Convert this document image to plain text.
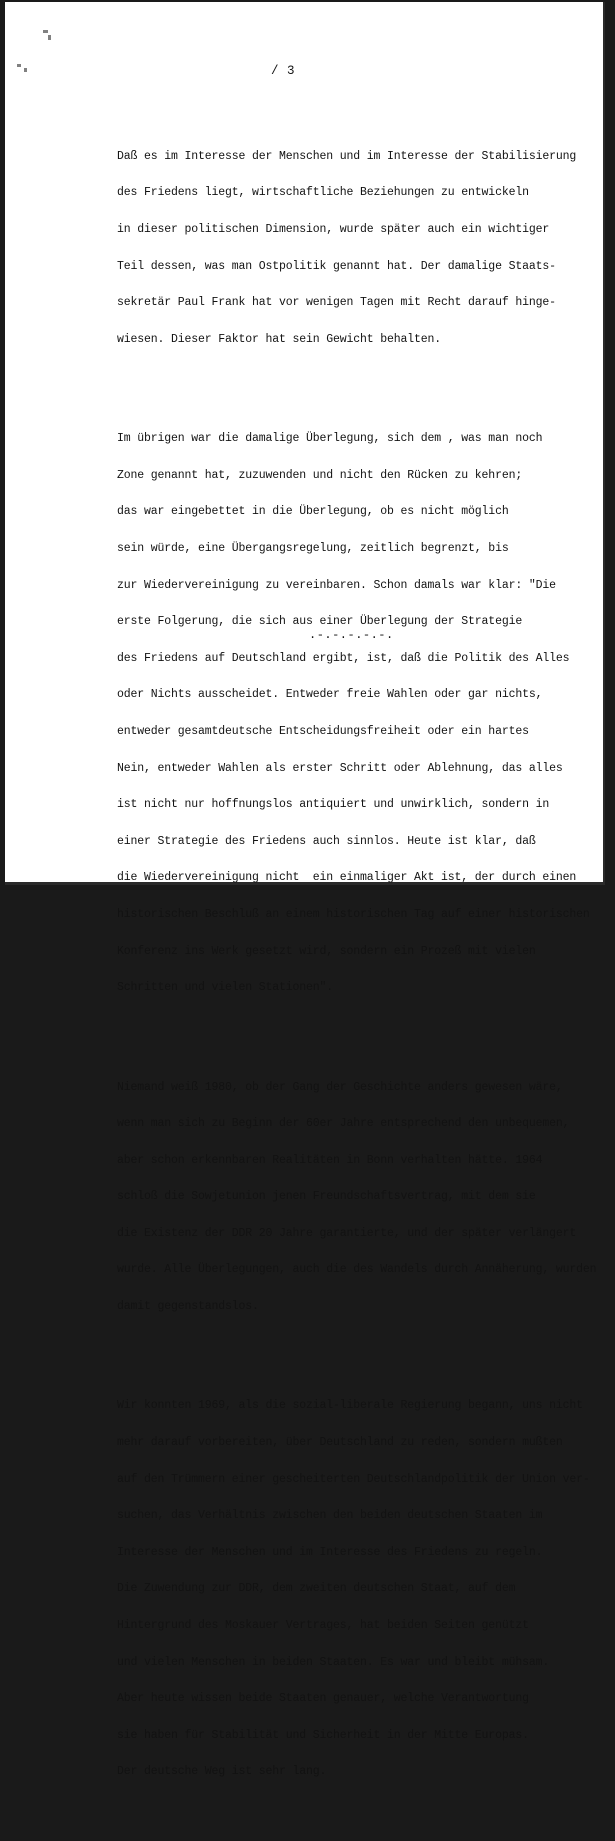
/ 3

Daß es im Interesse der Menschen und im Interesse der Stabilisierung

des Friedens liegt, wirtschaftliche Beziehungen zu entwickeln

in dieser politischen Dimension, wurde später auch ein wichtiger

Teil dessen, was man Ostpolitik genannt hat. Der damalige Staats-

sekretär Paul Frank hat vor wenigen Tagen mit Recht darauf hinge-

wiesen. Dieser Faktor hat sein Gewicht behalten.

Im übrigen war die damalige Überlegung, sich dem , was man noch

Zone genannt hat, zuzuwenden und nicht den Rücken zu kehren;

das war eingebettet in die Überlegung, ob es nicht möglich

sein würde, eine Übergangsregelung, zeitlich begrenzt, bis

zur Wiedervereinigung zu vereinbaren. Schon damals war klar: "Die

erste Folgerung, die sich aus einer Überlegung der Strategie

des Friedens auf Deutschland ergibt, ist, daß die Politik des Alles

oder Nichts ausscheidet. Entweder freie Wahlen oder gar nichts,

entweder gesamtdeutsche Entscheidungsfreiheit oder ein hartes

Nein, entweder Wahlen als erster Schritt oder Ablehnung, das alles

ist nicht nur hoffnungslos antiquiert und unwirklich, sondern in

einer Strategie des Friedens auch sinnlos. Heute ist klar, daß

die Wiedervereinigung nicht  ein einmaliger Akt ist, der durch einen

historischen Beschluß an einem historischen Tag auf einer historischen

Konferenz ins Werk gesetzt wird, sondern ein Prozeß mit vielen

Schritten und vielen Stationen".

Niemand weiß 1980, ob der Gang der Geschichte anders gewesen wäre,

wenn man sich zu Beginn der 60er Jahre entsprechend den unbequemen,

aber schon erkennbaren Realitäten in Bonn verhalten hätte. 1964

schloß die Sowjetunion jenen Freundschaftsvertrag, mit dem sie

die Existenz der DDR 20 Jahre garantierte, und der später verlängert

wurde. Alle Überlegungen, auch die des Wandels durch Annäherung, wurden

damit gegenstandslos.

Wir konnten 1969, als die sozial-liberale Regierung begann, uns nicht

mehr darauf vorbereiten, über Deutschland zu reden, sondern mußten

auf den Trümmern einer gescheiterten Deutschlandpolitik der Union ver-

suchen, das Verhältnis zwischen den beiden deutschen Staaten im

Interesse der Menschen und im Interesse des Friedens zu regeln.

Die Zuwendung zur DDR, dem zweiten deutschen Staat, auf dem

Hintergrund des Moskauer Vertrages, hat beiden Seiten genützt

und vielen Menschen in beiden Staaten. Es war und bleibt mühsam.

Aber heute wissen beide Staaten genauer, welche Verantwortung

sie haben für Stabilität und Sicherheit in der Mitte Europas.

Der deutsche Weg ist sehr lang.

.-.-.-.-.-.
